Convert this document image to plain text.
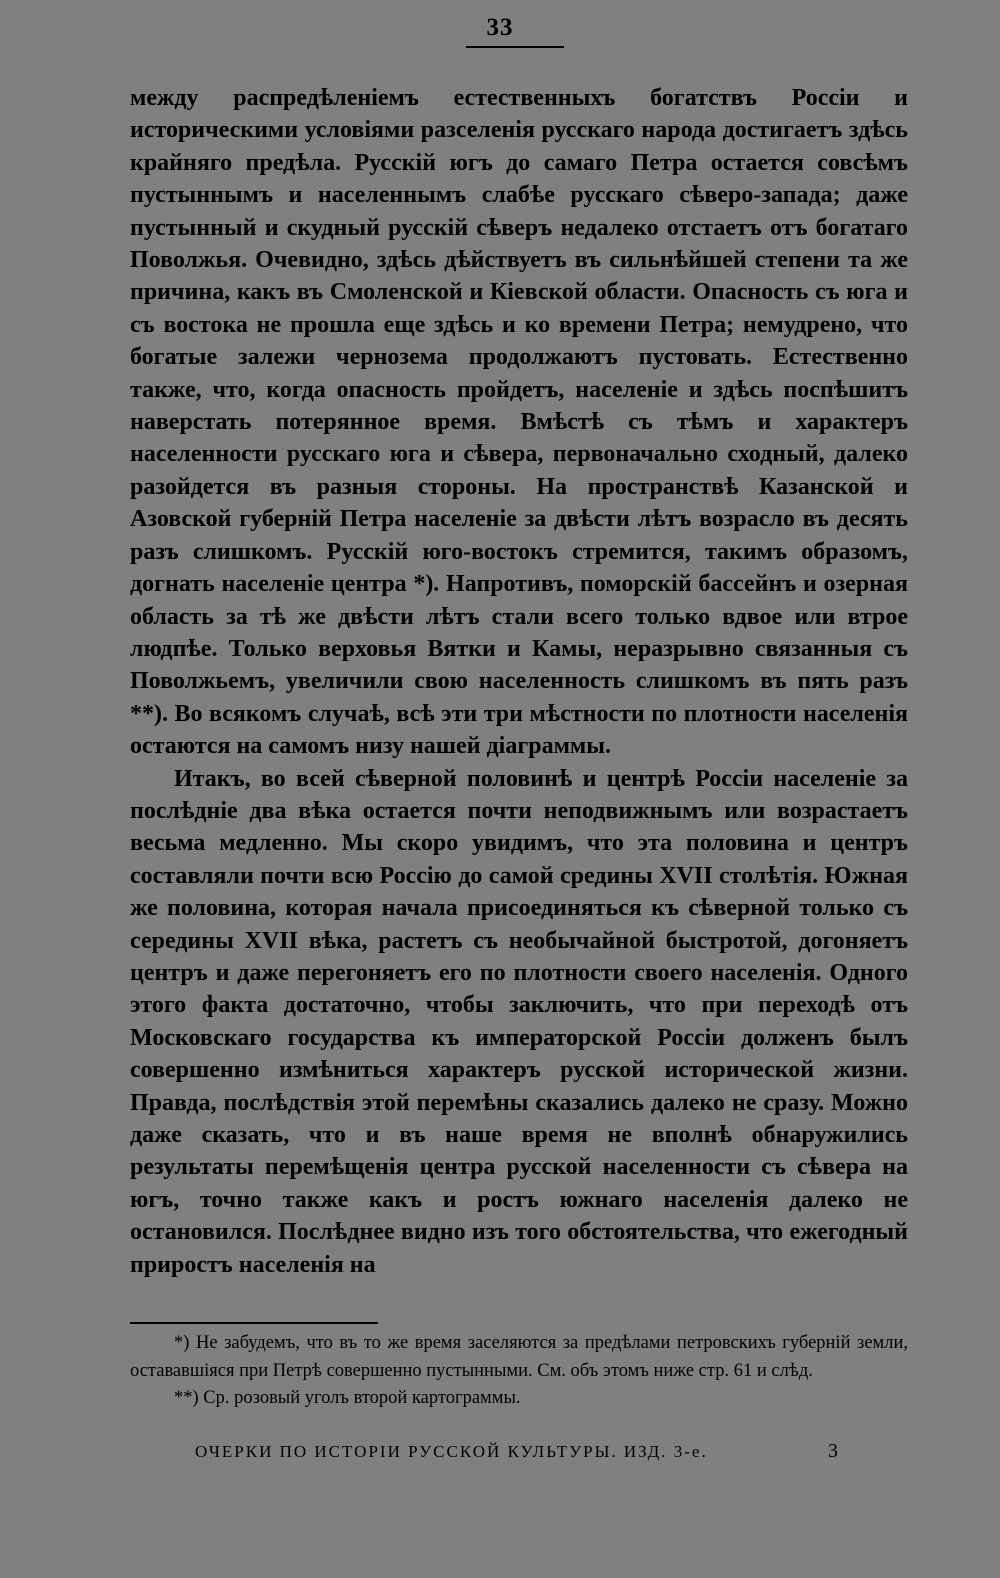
33

между распредѣленіемъ естественныхъ богатствъ Россіи и историческими условіями разселенія русскаго народа достигаетъ здѣсь крайняго предѣла. Русскій югъ до самаго Петра остается совсѣмъ пустыннымъ и населеннымъ слабѣе русскаго сѣверо-запада; даже пустынный и скудный русскій сѣверъ недалеко отстаетъ отъ богатаго Поволжья. Очевидно, здѣсь дѣйствуетъ въ сильнѣйшей степени та же причина, какъ въ Смоленской и Кіевской области. Опасность съ юга и съ востока не прошла еще здѣсь и ко времени Петра; немудрено, что богатые залежи чернозема продолжаютъ пустовать. Естественно также, что, когда опасность пройдетъ, населеніе и здѣсь поспѣшитъ наверстать потерянное время. Вмѣстѣ съ тѣмъ и характеръ населенности русскаго юга и сѣвера, первоначально сходный, далеко разойдется въ разныя стороны. На пространствѣ Казанской и Азовской губерній Петра населеніе за двѣсти лѣтъ возрасло въ десять разъ слишкомъ. Русскій юго-востокъ стремится, такимъ образомъ, догнать населеніе центра *). Напротивъ, поморскій бассейнъ и озерная область за тѣ же двѣсти лѣтъ стали всего только вдвое или втрое людпѣе. Только верховья Вятки и Камы, неразрывно связанныя съ Поволжьемъ, увеличили свою населенность слишкомъ въ пять разъ **). Во всякомъ случаѣ, всѣ эти три мѣстности по плотности населенія остаются на самомъ низу нашей діаграммы.

Итакъ, во всей сѣверной половинѣ и центрѣ Россіи населеніе за послѣдніе два вѣка остается почти неподвижнымъ или возрастаетъ весьма медленно. Мы скоро увидимъ, что эта половина и центръ составляли почти всю Россію до самой средины XVII столѣтія. Южная же половина, которая начала присоединяться къ сѣверной только съ середины XVII вѣка, растетъ съ необычайной быстротой, догоняетъ центръ и даже перегоняетъ его по плотности своего населенія. Одного этого факта достаточно, чтобы заключить, что при переходѣ отъ Московскаго государства къ императорской Россіи долженъ былъ совершенно измѣниться характеръ русской исторической жизни. Правда, послѣдствія этой перемѣны сказались далеко не сразу. Можно даже сказать, что и въ наше время не вполнѣ обнаружились результаты перемѣщенія центра русской населенности съ сѣвера на югъ, точно также какъ и ростъ южнаго населенія далеко не остановился. Послѣднее видно изъ того обстоятельства, что ежегодный приростъ населенія на

*) Не забудемъ, что въ то же время заселяются за предѣлами петровскихъ губерній земли, остававшіяся при Петрѣ совершенно пустынными. См. объ этомъ ниже стр. 61 и слѣд.

**) Ср. розовый уголъ второй картограммы.

ОЧЕРКИ ПО ИСТОРІИ РУССКОЙ КУЛЬТУРЫ. ИЗД. 3-е.	3
